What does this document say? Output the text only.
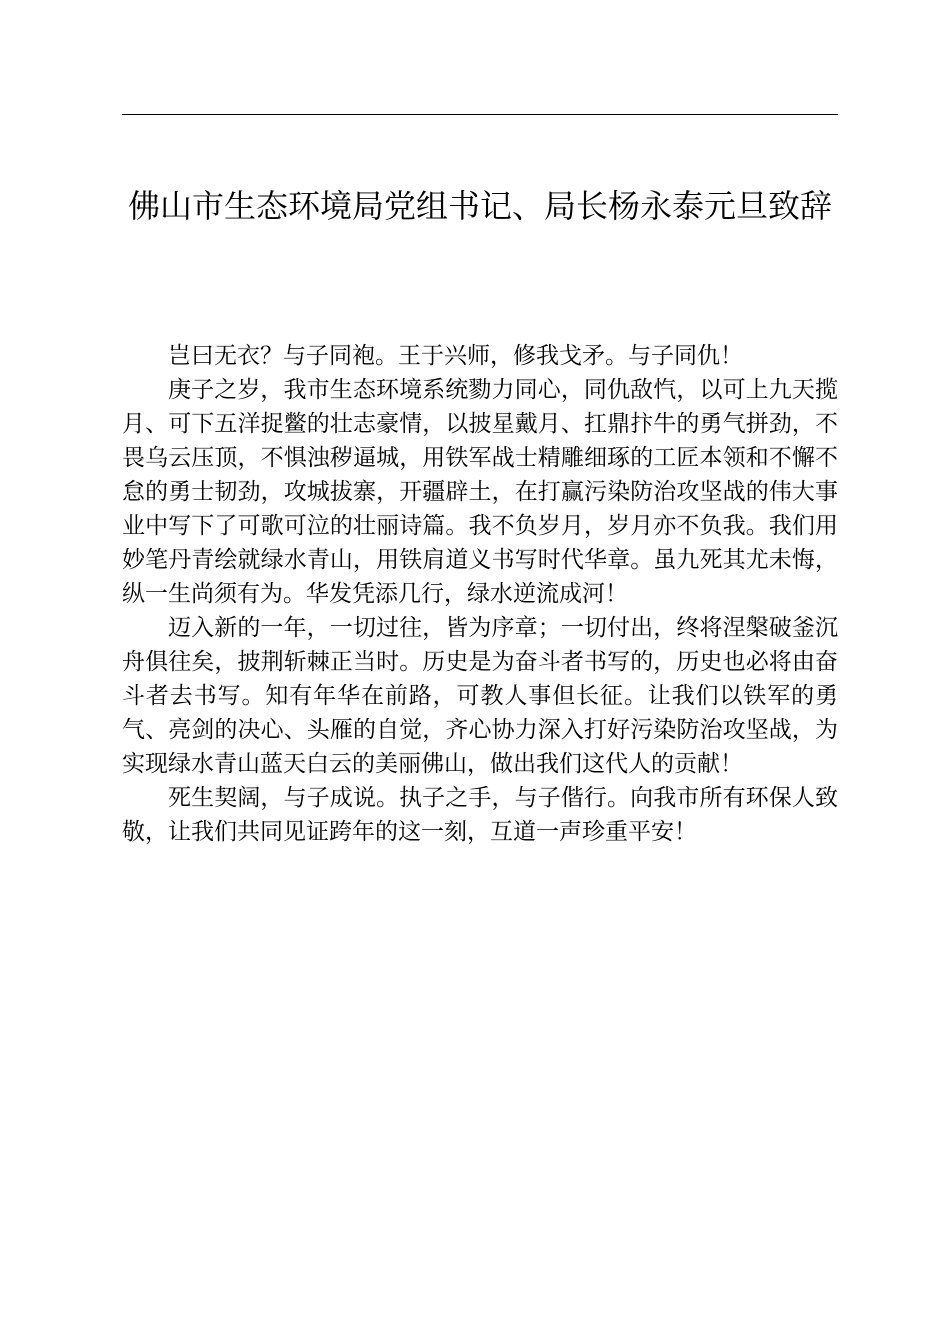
佛山市生态环境局党组书记、局长杨永泰元旦致辞

岂曰无衣？与子同袍。王于兴师，修我戈矛。与子同仇！

庚子之岁，我市生态环境系统勠力同心，同仇敌忾，以可上九天揽月、可下五洋捉鳖的壮志豪情，以披星戴月、扛鼎抃牛的勇气拼劲，不畏乌云压顶，不惧浊秽逼城，用铁军战士精雕细琢的工匠本领和不懈不怠的勇士韧劲，攻城拔寨，开疆辟土，在打赢污染防治攻坚战的伟大事业中写下了可歌可泣的壮丽诗篇。我不负岁月，岁月亦不负我。我们用妙笔丹青绘就绿水青山，用铁肩道义书写时代华章。虽九死其尤未悔，纵一生尚须有为。华发凭添几行，绿水逆流成河！

迈入新的一年，一切过往，皆为序章；一切付出，终将涅槃破釜沉舟俱往矣，披荆斩棘正当时。历史是为奋斗者书写的，历史也必将由奋斗者去书写。知有年华在前路，可教人事但长征。让我们以铁军的勇气、亮剑的决心、头雁的自觉，齐心协力深入打好污染防治攻坚战，为实现绿水青山蓝天白云的美丽佛山，做出我们这代人的贡献！

死生契阔，与子成说。执子之手，与子偕行。向我市所有环保人致敬，让我们共同见证跨年的这一刻，互道一声珍重平安！
